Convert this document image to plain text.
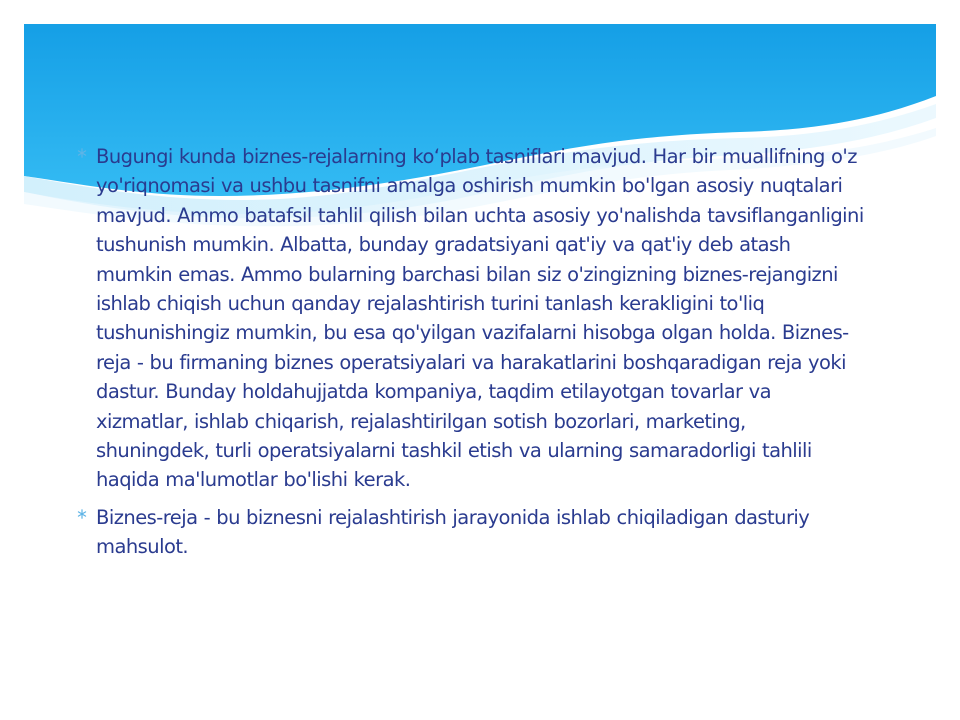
Bugungi kunda biznes-rejalarning ko‘plab tasniflari mavjud. Har bir muallifning o'z yo'riqnomasi va ushbu tasnifni amalga oshirish mumkin bo'lgan asosiy nuqtalari mavjud. Ammo batafsil tahlil qilish bilan uchta asosiy yo'nalishda tavsiflanganligini tushunish mumkin. Albatta, bunday gradatsiyani qat'iy va qat'iy deb atash mumkin emas. Ammo bularning barchasi bilan siz o'zingizning biznes-rejangizni ishlab chiqish uchun qanday rejalashtirish turini tanlash kerakligini to'liq tushunishingiz mumkin, bu esa qo'yilgan vazifalarni hisobga olgan holda. Biznes-reja - bu firmaning biznes operatsiyalari va harakatlarini boshqaradigan reja yoki dastur. Bunday holdahujjatda kompaniya, taqdim etilayotgan tovarlar va xizmatlar, ishlab chiqarish, rejalashtirilgan sotish bozorlari, marketing, shuningdek, turli operatsiyalarni tashkil etish va ularning samaradorligi tahlili haqida ma'lumotlar bo'lishi kerak.
Biznes-reja - bu biznesni rejalashtirish jarayonida ishlab chiqiladigan dasturiy mahsulot.
